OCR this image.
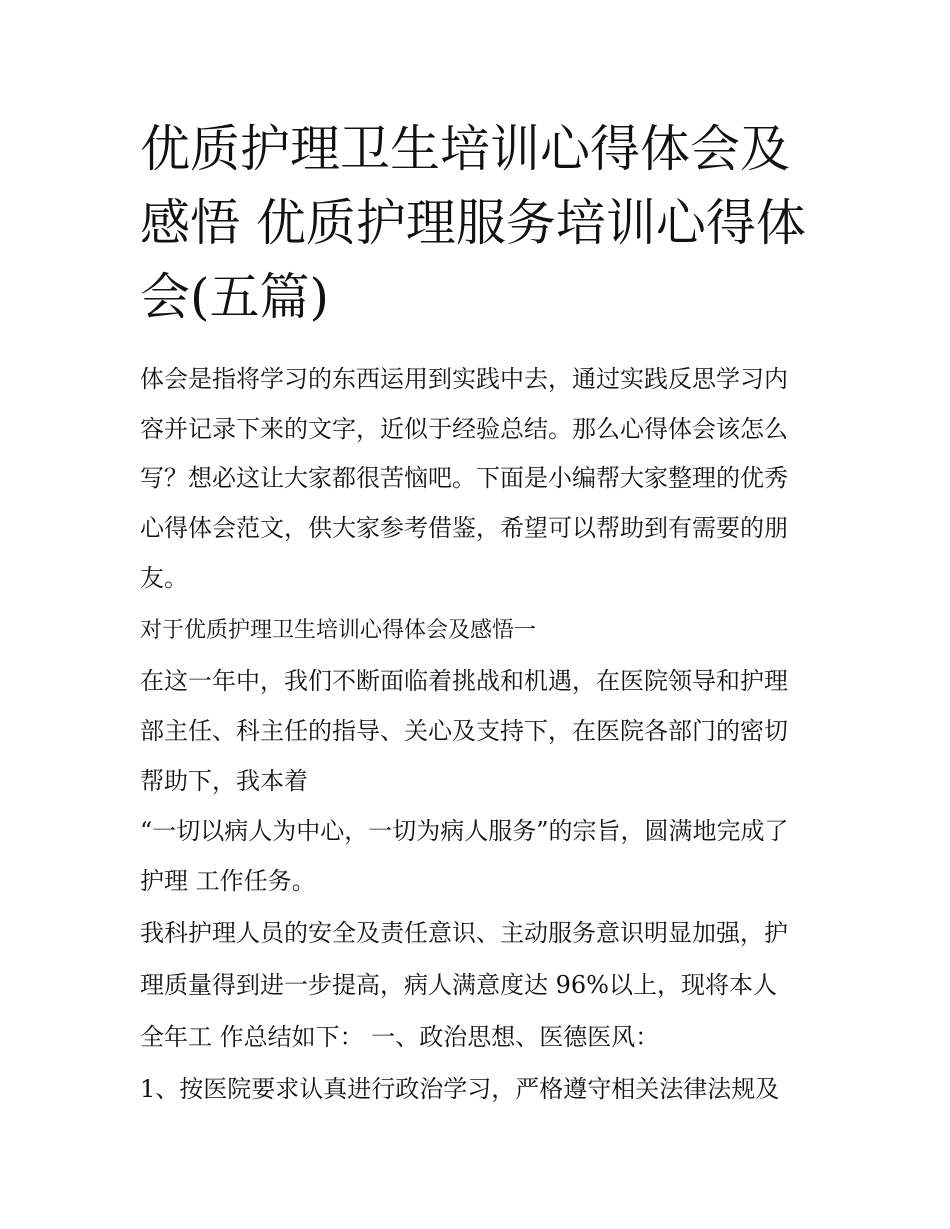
优质护理卫生培训心得体会及
感悟 优质护理服务培训心得体
会(五篇)

体会是指将学习的东西运用到实践中去，通过实践反思学习内

容并记录下来的文字，近似于经验总结。那么心得体会该怎么

写？想必这让大家都很苦恼吧。下面是小编帮大家整理的优秀

心得体会范文，供大家参考借鉴，希望可以帮助到有需要的朋

友。

对于优质护理卫生培训心得体会及感悟一

在这一年中，我们不断面临着挑战和机遇，在医院领导和护理

部主任、科主任的指导、关心及支持下，在医院各部门的密切

帮助下，我本着

“一切以病人为中心，一切为病人服务”的宗旨，圆满地完成了

护理 工作任务。

我科护理人员的安全及责任意识、主动服务意识明显加强，护

理质量得到进一步提高，病人满意度达 96%以上，现将本人

全年工 作总结如下： 一、政治思想、医德医风：

1、按医院要求认真进行政治学习，严格遵守相关法律法规及
